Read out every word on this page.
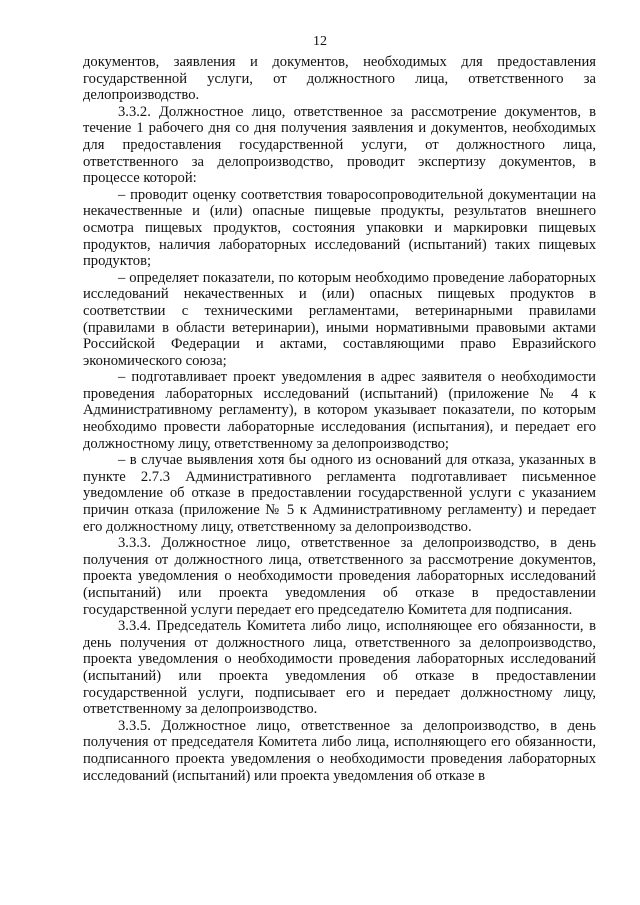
12

документов, заявления и документов, необходимых для предоставления государственной услуги, от должностного лица, ответственного за делопроизводство.

3.3.2. Должностное лицо, ответственное за рассмотрение документов, в течение 1 рабочего дня со дня получения заявления и документов, необходимых для предоставления государственной услуги, от должностного лица, ответственного за делопроизводство, проводит экспертизу документов, в процессе которой:

– проводит оценку соответствия товаросопроводительной документации на некачественные и (или) опасные пищевые продукты, результатов внешнего осмотра пищевых продуктов, состояния упаковки и маркировки пищевых продуктов, наличия лабораторных исследований (испытаний) таких пищевых продуктов;

– определяет показатели, по которым необходимо проведение лабораторных исследований некачественных и (или) опасных пищевых продуктов в соответствии с техническими регламентами, ветеринарными правилами (правилами в области ветеринарии), иными нормативными правовыми актами Российской Федерации и актами, составляющими право Евразийского экономического союза;

– подготавливает проект уведомления в адрес заявителя о необходимости проведения лабораторных исследований (испытаний) (приложение № 4 к Административному регламенту), в котором указывает показатели, по которым необходимо провести лабораторные исследования (испытания), и передает его должностному лицу, ответственному за делопроизводство;

– в случае выявления хотя бы одного из оснований для отказа, указанных в пункте 2.7.3 Административного регламента подготавливает письменное уведомление об отказе в предоставлении государственной услуги с указанием причин отказа (приложение № 5 к Административному регламенту) и передает его должностному лицу, ответственному за делопроизводство.

3.3.3. Должностное лицо, ответственное за делопроизводство, в день получения от должностного лица, ответственного за рассмотрение документов, проекта уведомления о необходимости проведения лабораторных исследований (испытаний) или проекта уведомления об отказе в предоставлении государственной услуги передает его председателю Комитета для подписания.

3.3.4. Председатель Комитета либо лицо, исполняющее его обязанности, в день получения от должностного лица, ответственного за делопроизводство, проекта уведомления о необходимости проведения лабораторных исследований (испытаний) или проекта уведомления об отказе в предоставлении государственной услуги, подписывает его и передает должностному лицу, ответственному за делопроизводство.

3.3.5. Должностное лицо, ответственное за делопроизводство, в день получения от председателя Комитета либо лица, исполняющего его обязанности, подписанного проекта уведомления о необходимости проведения лабораторных исследований (испытаний) или проекта уведомления об отказе в
